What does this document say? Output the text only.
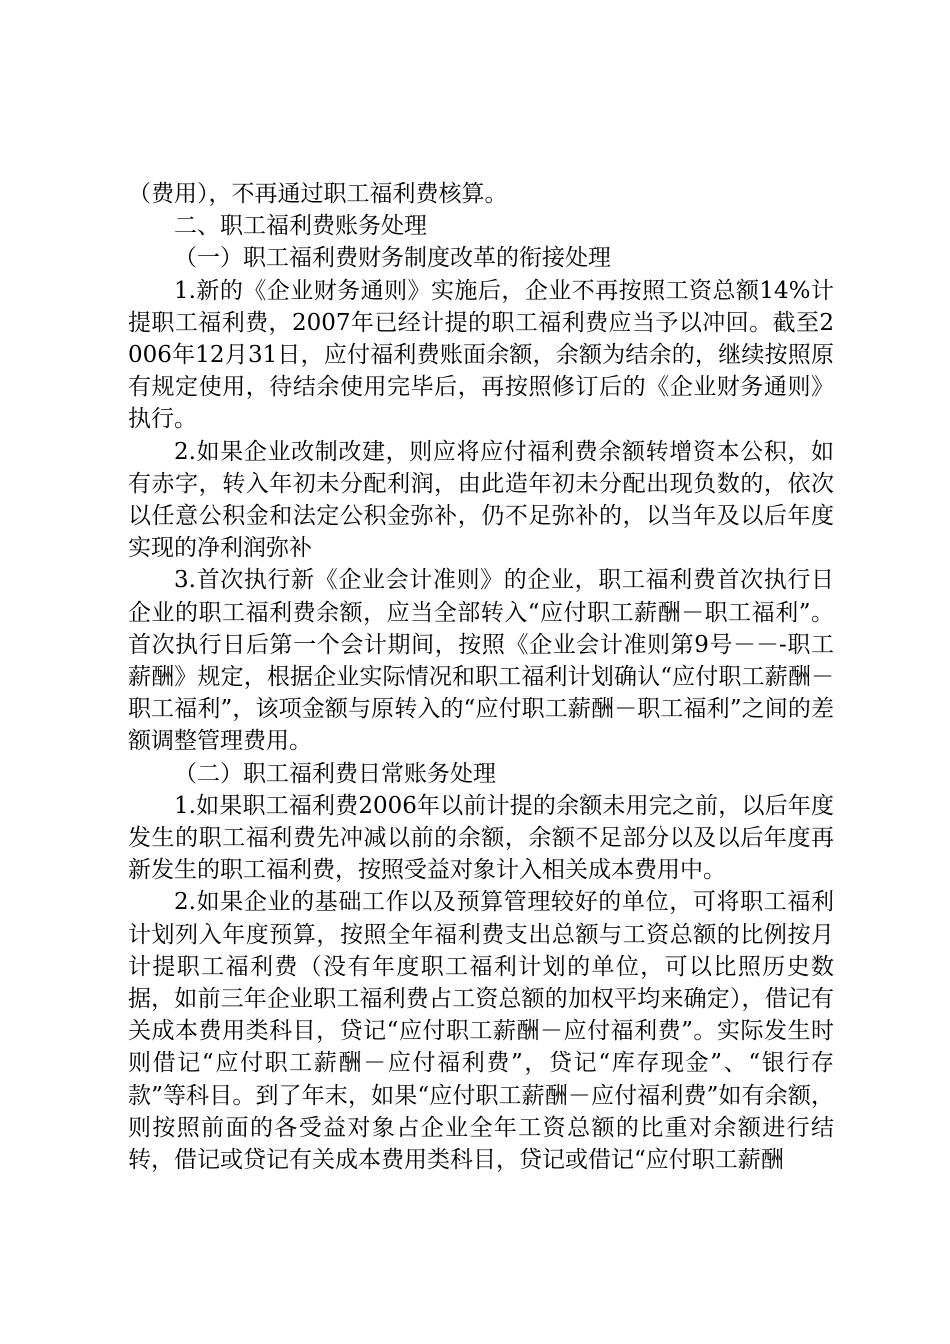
（费用），不再通过职工福利费核算。

二、职工福利费账务处理

（一）职工福利费财务制度改革的衔接处理

1.新的《企业财务通则》实施后，企业不再按照工资总额14%计提职工福利费，2007年已经计提的职工福利费应当予以冲回。截至2006年12月31日，应付福利费账面余额，余额为结余的，继续按照原有规定使用，待结余使用完毕后，再按照修订后的《企业财务通则》执行。

2.如果企业改制改建，则应将应付福利费余额转增资本公积，如有赤字，转入年初未分配利润，由此造年初未分配出现负数的，依次以任意公积金和法定公积金弥补，仍不足弥补的，以当年及以后年度实现的净利润弥补

3.首次执行新《企业会计准则》的企业，职工福利费首次执行日企业的职工福利费余额，应当全部转入“应付职工薪酬－职工福利”。首次执行日后第一个会计期间，按照《企业会计准则第9号－－-职工薪酬》规定，根据企业实际情况和职工福利计划确认“应付职工薪酬－职工福利”，该项金额与原转入的“应付职工薪酬－职工福利”之间的差额调整管理费用。

（二）职工福利费日常账务处理

1.如果职工福利费2006年以前计提的余额未用完之前，以后年度发生的职工福利费先冲减以前的余额，余额不足部分以及以后年度再新发生的职工福利费，按照受益对象计入相关成本费用中。

2.如果企业的基础工作以及预算管理较好的单位，可将职工福利计划列入年度预算，按照全年福利费支出总额与工资总额的比例按月计提职工福利费（没有年度职工福利计划的单位，可以比照历史数据，如前三年企业职工福利费占工资总额的加权平均来确定），借记有关成本费用类科目，贷记“应付职工薪酬－应付福利费”。实际发生时则借记“应付职工薪酬－应付福利费”，贷记“库存现金”、“银行存款”等科目。到了年末，如果“应付职工薪酬－应付福利费”如有余额，则按照前面的各受益对象占企业全年工资总额的比重对余额进行结转，借记或贷记有关成本费用类科目，贷记或借记“应付职工薪酬
